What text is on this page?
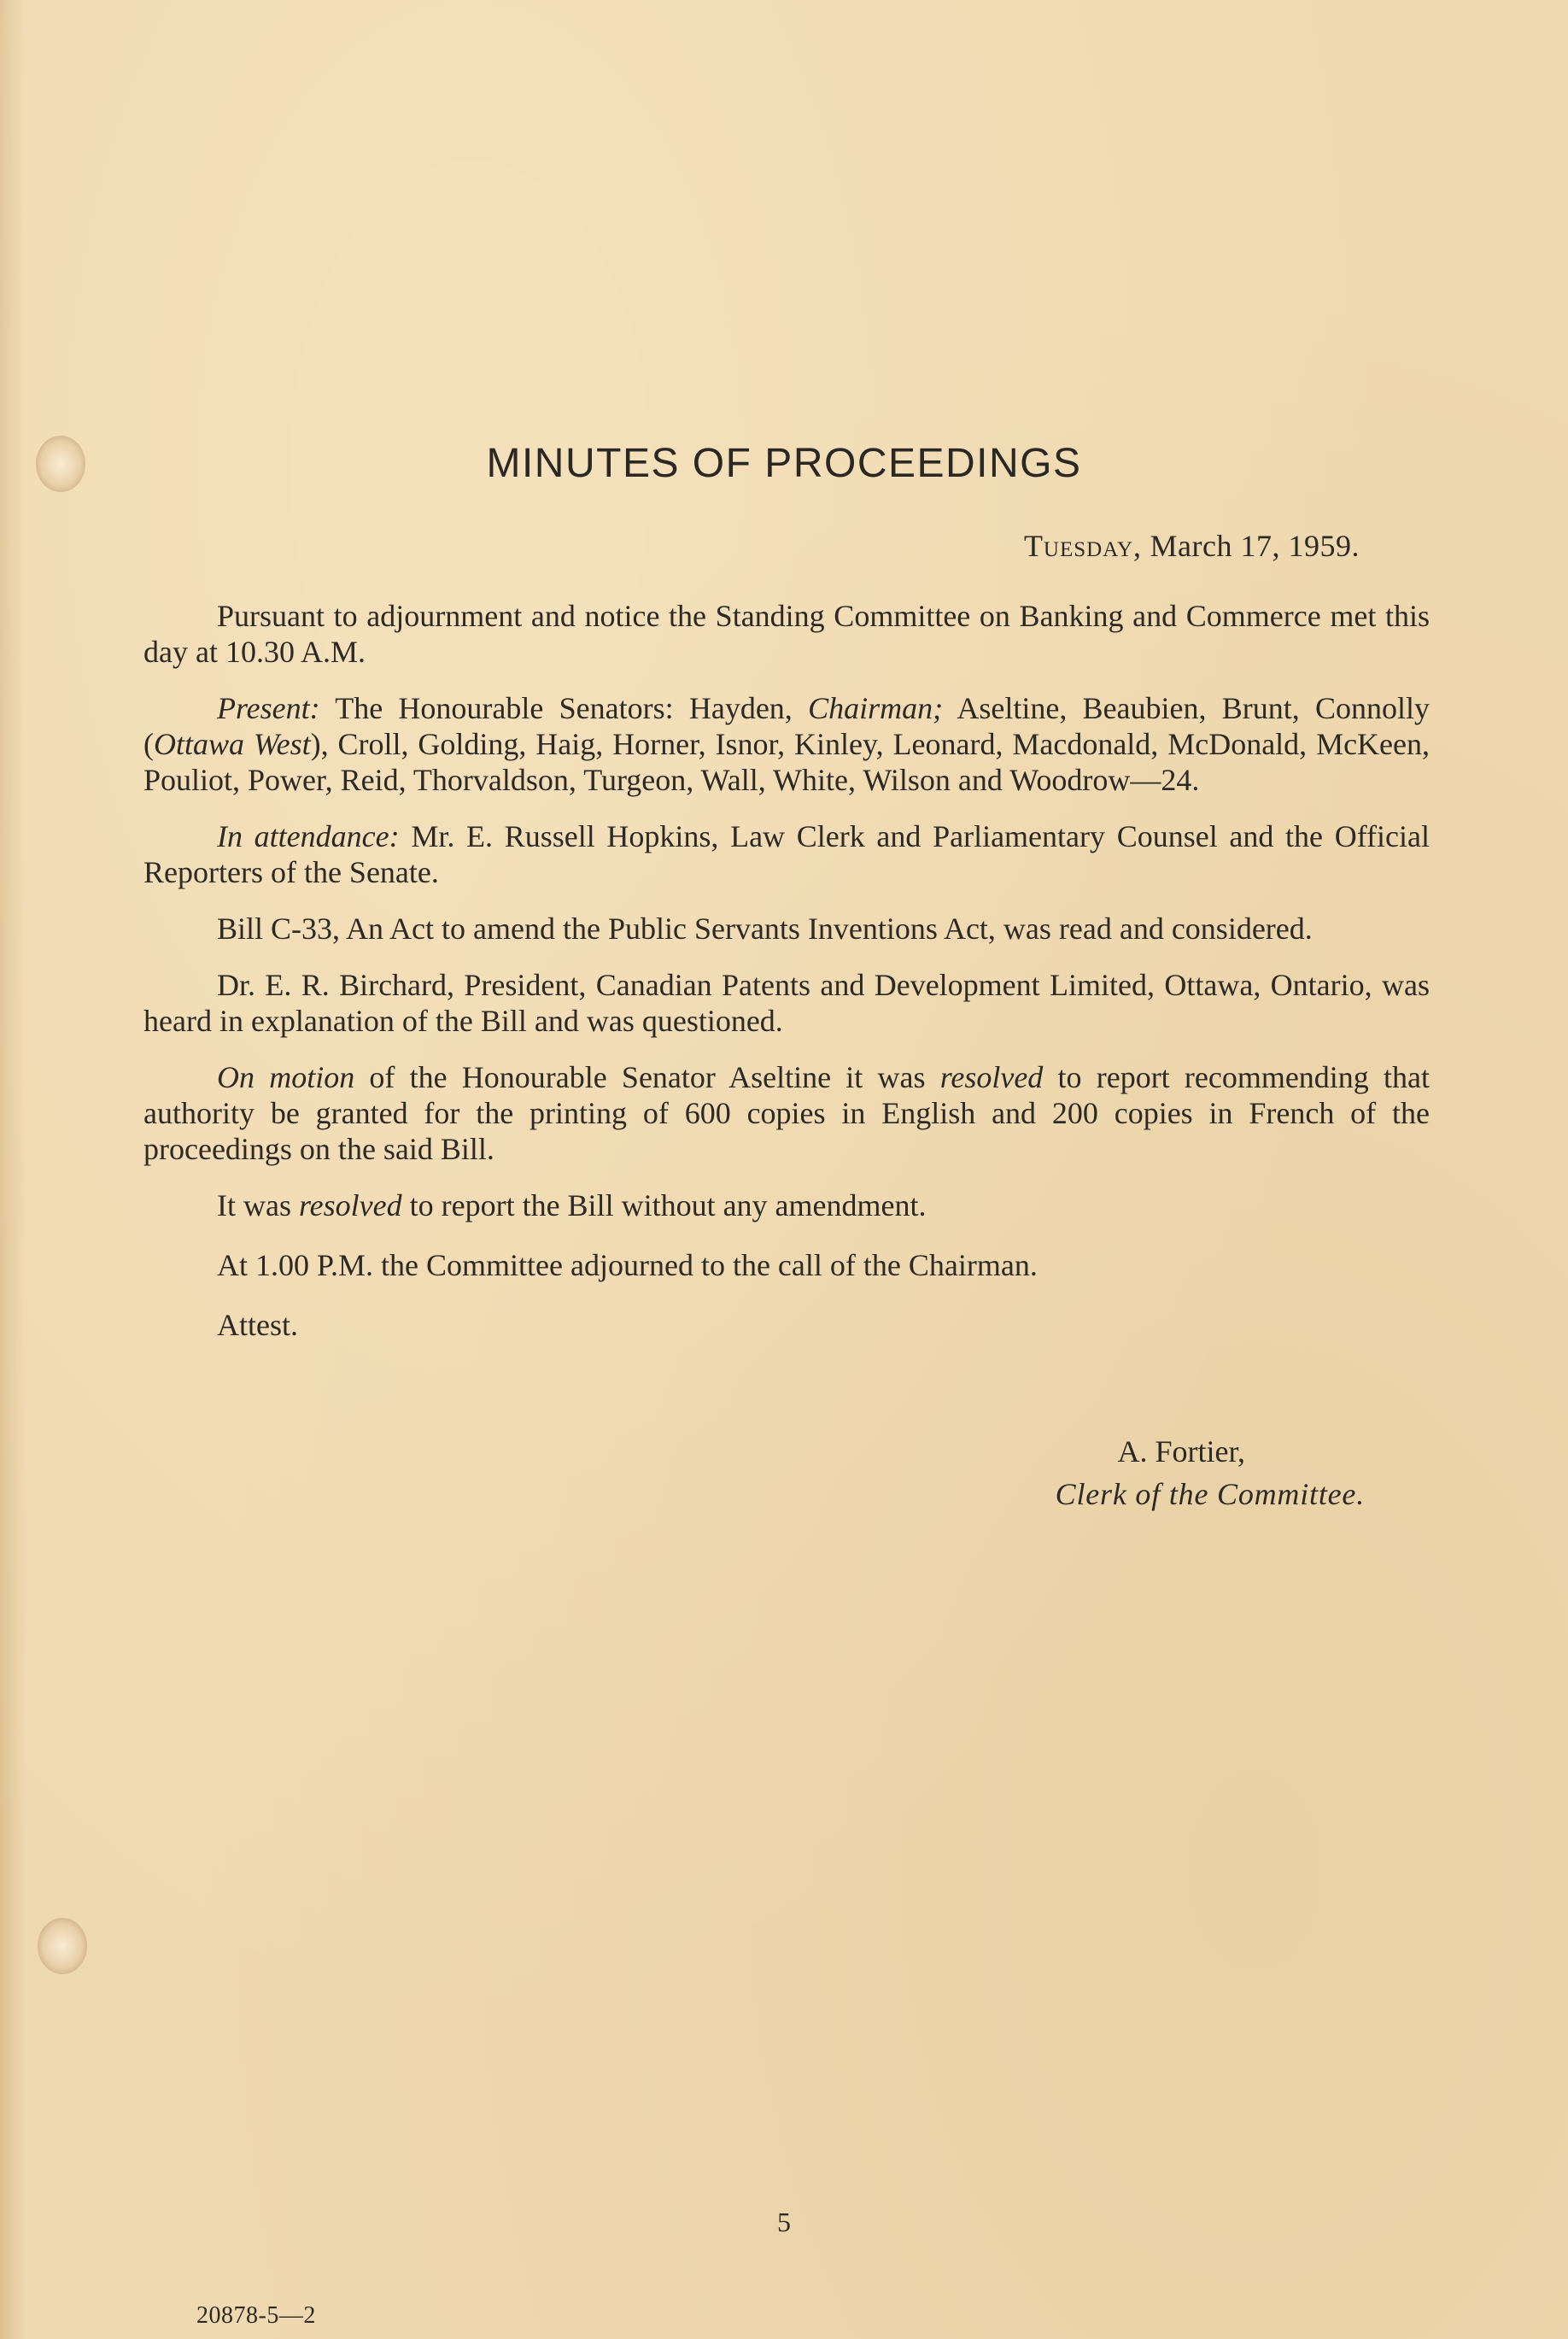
MINUTES OF PROCEEDINGS
Tuesday, March 17, 1959.

Pursuant to adjournment and notice the Standing Committee on Banking and Commerce met this day at 10.30 A.M.

Present: The Honourable Senators: Hayden, Chairman; Aseltine, Beaubien, Brunt, Connolly (Ottawa West), Croll, Golding, Haig, Horner, Isnor, Kinley, Leonard, Macdonald, McDonald, McKeen, Pouliot, Power, Reid, Thorvaldson, Turgeon, Wall, White, Wilson and Woodrow—24.

In attendance: Mr. E. Russell Hopkins, Law Clerk and Parliamentary Counsel and the Official Reporters of the Senate.

Bill C-33, An Act to amend the Public Servants Inventions Act, was read and considered.

Dr. E. R. Birchard, President, Canadian Patents and Development Limited, Ottawa, Ontario, was heard in explanation of the Bill and was questioned.

On motion of the Honourable Senator Aseltine it was resolved to report recommending that authority be granted for the printing of 600 copies in English and 200 copies in French of the proceedings on the said Bill.

It was resolved to report the Bill without any amendment.

At 1.00 P.M. the Committee adjourned to the call of the Chairman.

Attest.

A. Fortier,
Clerk of the Committee.
5
20878-5—2
